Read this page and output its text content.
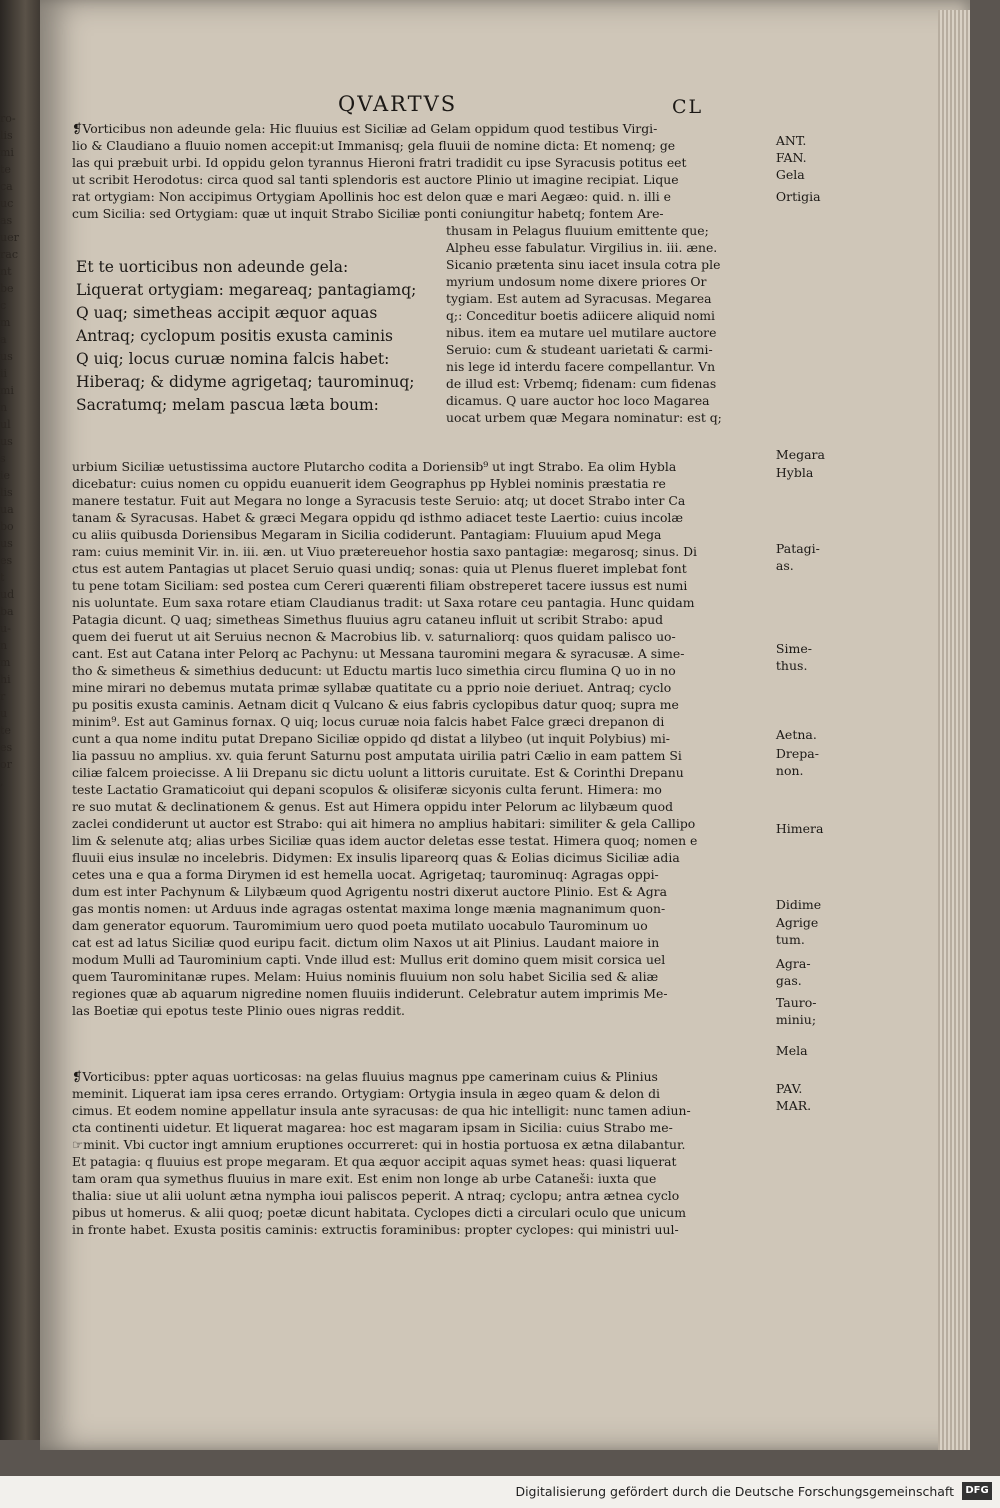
ro-
lis
mi
te
ca
uc
as
uer
rac
nt
be
c
m
a
us
ii
mi
n
ul
us
s
ie
lis
ua
bo
us
es
t
ud
ba
u-
n
m
hi
r
u
te
es
or
,
QVARTVS	CL
❡Vorticibus non adeunde gela: Hic fluuius est Siciliæ ad Gelam oppidum quod testibus Virgi-
lio & Claudiano a fluuio nomen accepit:ut Immanisq; gela fluuii de nomine dicta: Et nomenq; ge
las qui præbuit urbi. Id oppidu gelon tyrannus Hieroni fratri tradidit cu ipse Syracusis potitus eet
ut scribit Herodotus: circa quod sal tanti splendoris est auctore Plinio ut imagine recipiat. Lique
rat ortygiam: Non accipimus Ortygiam Apollinis hoc est delon quæ e mari Aegæo: quid. n. illi e
cum Sicilia: sed Ortygiam: quæ ut inquit Strabo Siciliæ ponti coniungitur habetq; fontem Are-
Et te uorticibus non adeunde gela:
Liquerat ortygiam: megareaq; pantagiamq;
Q uaq; simetheas accipit æquor aquas
Antraq; cyclopum positis exusta caminis
Q uiq; locus curuæ nomina falcis habet:
Hiberaq; & didyme agrigetaq; taurominuq;
Sacratumq; melam pascua læta boum:
thusam in Pelagus fluuium emittente que;
Alpheu esse fabulatur. Virgilius in. iii. æne.
Sicanio prætenta sinu iacet insula cotra ple
myrium undosum nome dixere priores Or
tygiam. Est autem ad Syracusas. Megarea
q;: Conceditur boetis adiicere aliquid nomi
nibus. item ea mutare uel mutilare auctore
Seruio: cum & studeant uarietati & carmi-
nis lege id interdu facere compellantur. Vn
de illud est: Vrbemq; fidenam: cum fidenas
dicamus. Q uare auctor hoc loco Magarea
uocat urbem quæ Megara nominatur: est q;
urbium Siciliæ uetustissima auctore Plutarcho codita a Doriensib⁹ ut ingt Strabo. Ea olim Hybla
dicebatur: cuius nomen cu oppidu euanuerit idem Geographus pp Hyblei nominis præstatia re
manere testatur. Fuit aut Megara no longe a Syracusis teste Seruio: atq; ut docet Strabo inter Ca
tanam & Syracusas. Habet & græci Megara oppidu qd isthmo adiacet teste Laertio: cuius incolæ
cu aliis quibusda Doriensibus Megaram in Sicilia codiderunt. Pantagiam: Fluuium apud Mega
ram: cuius meminit Vir. in. iii. æn. ut Viuo prætereuehor hostia saxo pantagiæ: megarosq; sinus. Di
ctus est autem Pantagias ut placet Seruio quasi undiq; sonas: quia ut Plenus flueret implebat font
tu pene totam Siciliam: sed postea cum Cereri quærenti filiam obstreperet tacere iussus est numi
nis uoluntate. Eum saxa rotare etiam Claudianus tradit: ut Saxa rotare ceu pantagia. Hunc quidam
Patagia dicunt. Q uaq; simetheas Simethus fluuius agru cataneu influit ut scribit Strabo: apud
quem dei fuerut ut ait Seruius necnon & Macrobius lib. v. saturnaliorq: quos quidam palisco uo-
cant. Est aut Catana inter Pelorq ac Pachynu: ut Messana tauromini megara & syracusæ. A sime-
tho & simetheus & simethius deducunt: ut Eductu martis luco simethia circu flumina Q uo in no
mine mirari no debemus mutata primæ syllabæ quatitate cu a pprio noie deriuet. Antraq; cyclo
pu positis exusta caminis. Aetnam dicit q Vulcano & eius fabris cyclopibus datur quoq; supra me
minim⁹. Est aut Gaminus fornax. Q uiq; locus curuæ noia falcis habet Falce græci drepanon di
cunt a qua nome inditu putat Drepano Siciliæ oppido qd distat a lilybeo (ut inquit Polybius) mi-
lia passuu no amplius. xv. quia ferunt Saturnu post amputata uirilia patri Cælio in eam pattem Si
ciliæ falcem proiecisse. A lii Drepanu sic dictu uolunt a littoris curuitate. Est & Corinthi Drepanu
teste Lactatio Gramaticoiut qui depani scopulos & olisiferæ sicyonis culta ferunt. Himera: mo
re suo mutat & declinationem & genus. Est aut Himera oppidu inter Pelorum ac lilybæum quod
zaclei condiderunt ut auctor est Strabo: qui ait himera no amplius habitari: similiter & gela Callipo
lim & selenute atq; alias urbes Siciliæ quas idem auctor deletas esse testat. Himera quoq; nomen e
fluuii eius insulæ no incelebris. Didymen: Ex insulis lipareorq quas & Eolias dicimus Siciliæ adia
cetes una e qua a forma Dirymen id est hemella uocat. Agrigetaq; taurominuq: Agragas oppi-
dum est inter Pachynum & Lilybæum quod Agrigentu nostri dixerut auctore Plinio. Est & Agra
gas montis nomen: ut Arduus inde agragas ostentat maxima longe mænia magnanimum quon-
dam generator equorum. Tauromimium uero quod poeta mutilato uocabulo Taurominum uo
cat est ad latus Siciliæ quod euripu facit. dictum olim Naxos ut ait Plinius. Laudant maiore in
modum Mulli ad Taurominium capti. Vnde illud est: Mullus erit domino quem misit corsica uel
quem Taurominitanæ rupes. Melam: Huius nominis fluuium non solu habet Sicilia sed & aliæ
regiones quæ ab aquarum nigredine nomen fluuiis indiderunt. Celebratur autem imprimis Me-
las Boetiæ qui epotus teste Plinio oues nigras reddit.
❡Vorticibus: ppter aquas uorticosas: na gelas fluuius magnus ppe camerinam cuius & Plinius
meminit. Liquerat iam ipsa ceres errando. Ortygiam: Ortygia insula in ægeo quam & delon di
cimus. Et eodem nomine appellatur insula ante syracusas: de qua hic intelligit: nunc tamen adiun-
cta continenti uidetur. Et liquerat magarea: hoc est magaram ipsam in Sicilia: cuius Strabo me-
☞minit. Vbi cuctor ingt amnium eruptiones occurreret: qui in hostia portuosa ex ætna dilabantur.
Et patagia: q fluuius est prope megaram. Et qua æquor accipit aquas symet heas: quasi liquerat
tam oram qua symethus fluuius in mare exit. Est enim non longe ab urbe Cataneši: iuxta que
thalia: siue ut alii uolunt ætna nympha ioui paliscos peperit. A ntraq; cyclopu; antra ætnea cyclo
pibus ut homerus. & alii quoq; poetæ dicunt habitata. Cyclopes dicti a circulari oculo que unicum
in fronte habet. Exusta positis caminis: extructis foraminibus: propter cyclopes: qui ministri uul-

ANT.

FAN.

Gela

Ortigia

Megara

Hybla

Patagi-
as.

Sime-
thus.

Aetna.

Drepa-
non.

Himera

Didime

Agrige
tum.

Agra-
gas.

Tauro-
miniu;

Mela

PAV.

MAR.

Digitalisierung gefördert durch die Deutsche Forschungsgemeinschaft	DFG
